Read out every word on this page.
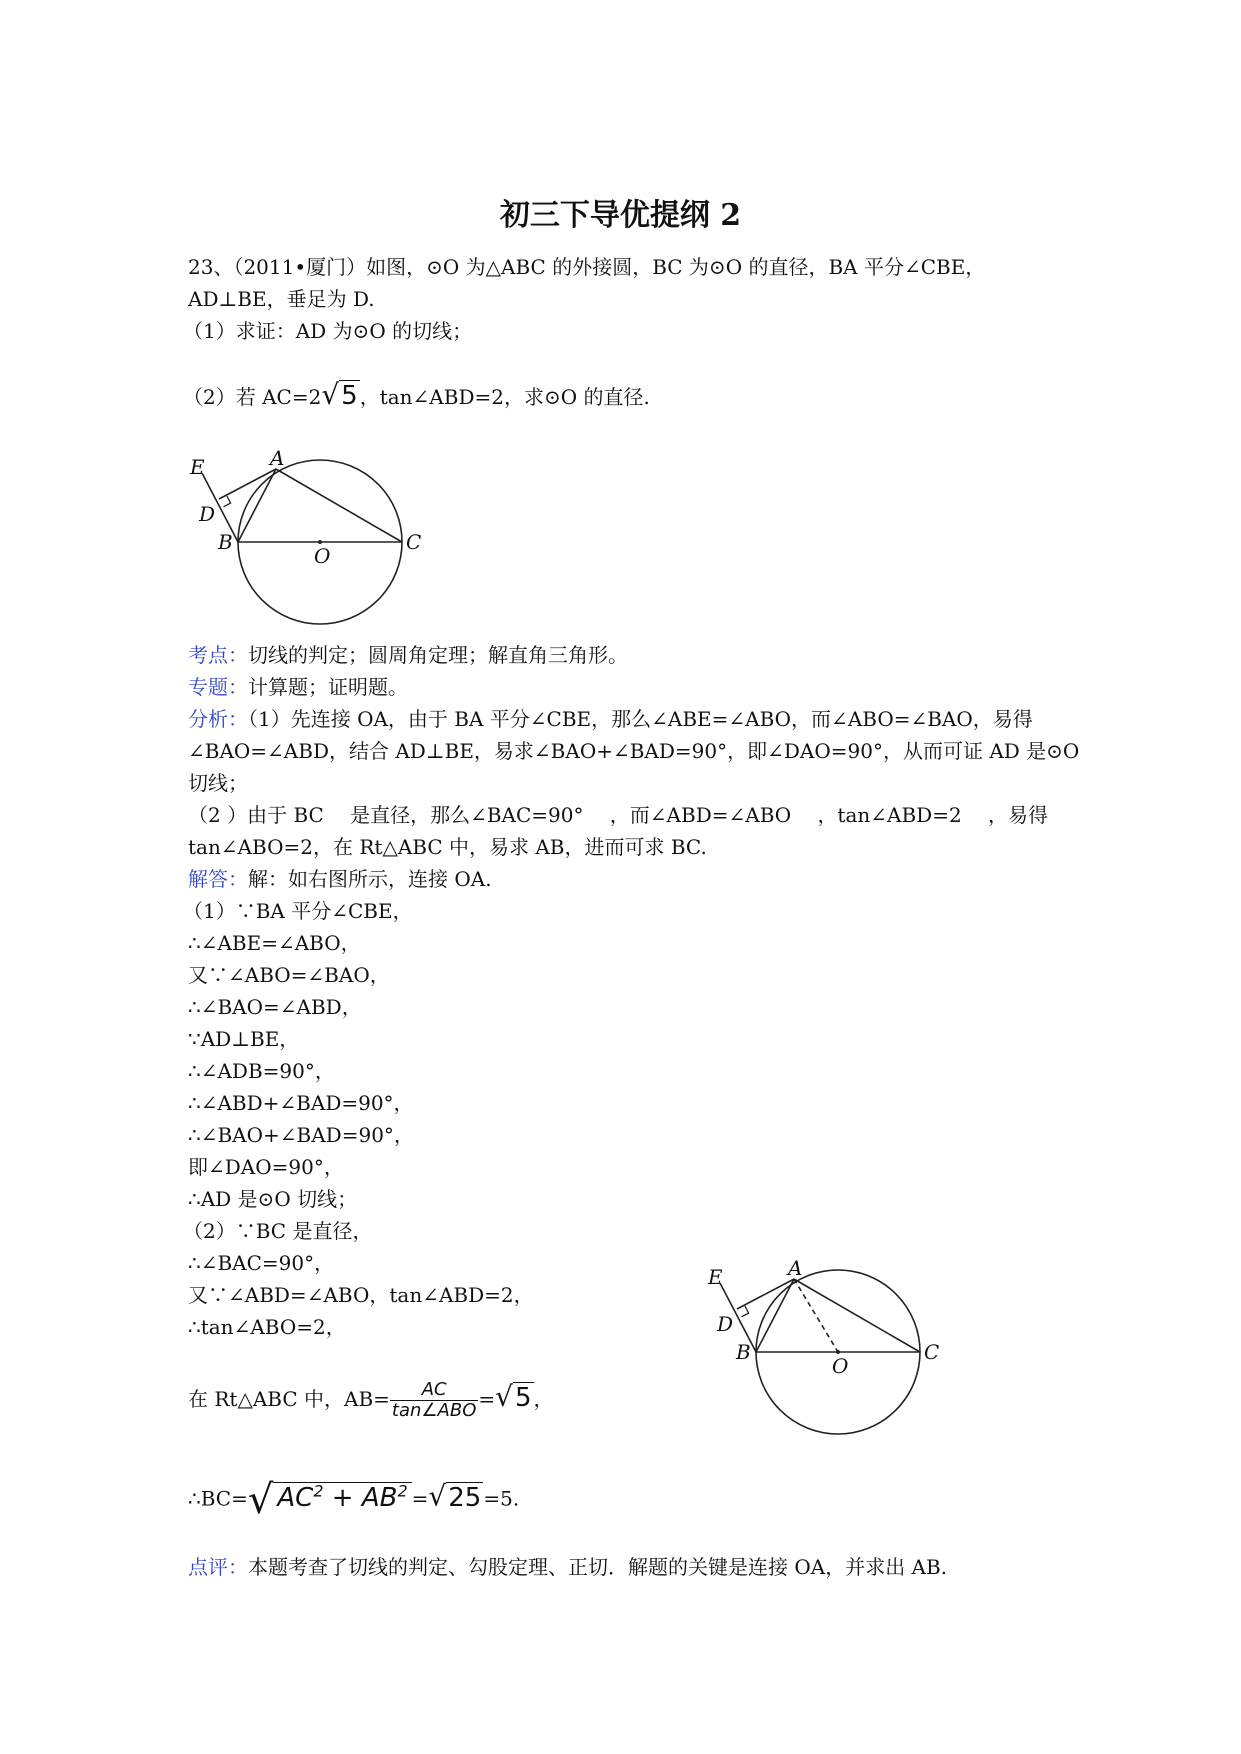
初三下导优提纲 2
23、（2011•厦门）如图，⊙O 为△ABC 的外接圆，BC 为⊙O 的直径，BA 平分∠CBE，
AD⊥BE，垂足为 D.
（1）求证：AD 为⊙O 的切线；
（2）若 AC=2√5 ，tan∠ABD=2，求⊙O 的直径.
E	A
D
B
O
C
考点：切线的判定；圆周角定理；解直角三角形。
专题：计算题；证明题。
分析：（1）先连接 OA，由于 BA 平分∠CBE，那么∠ABE=∠ABO，而∠ABO=∠BAO，易得
∠BAO=∠ABD，结合 AD⊥BE，易求∠BAO+∠BAD=90°，即∠DAO=90°，从而可证 AD 是⊙O
切线；
（2 ）由于 BC 是直径，那么∠BAC=90° ，而∠ABD=∠ABO ，tan∠ABD=2 ，易得
tan∠ABO=2，在 Rt△ABC 中，易求 AB，进而可求 BC.
解答：解：如右图所示，连接 OA.
（1）∵BA 平分∠CBE，
∴∠ABE=∠ABO，
又∵∠ABO=∠BAO，
∴∠BAO=∠ABD，
∵AD⊥BE，
∴∠ADB=90°，
∴∠ABD+∠BAD=90°，
∴∠BAO+∠BAD=90°，
即∠DAO=90°，
∴AD 是⊙O 切线；
（2）∵BC 是直径，
∴∠BAC=90°，
又∵∠ABD=∠ABO，tan∠ABD=2，
∴tan∠ABO=2，
在 Rt△ABC 中，$AB= \frac{AC}{\text{tan∠ABO}} =√5$ ，
∴BC=√ $AC^2 + AB^2 =√25 =5$.
点评：本题考查了切线的判定、勾股定理、正切．解题的关键是连接 OA，并求出 AB.
E	A
D
B
O
C
